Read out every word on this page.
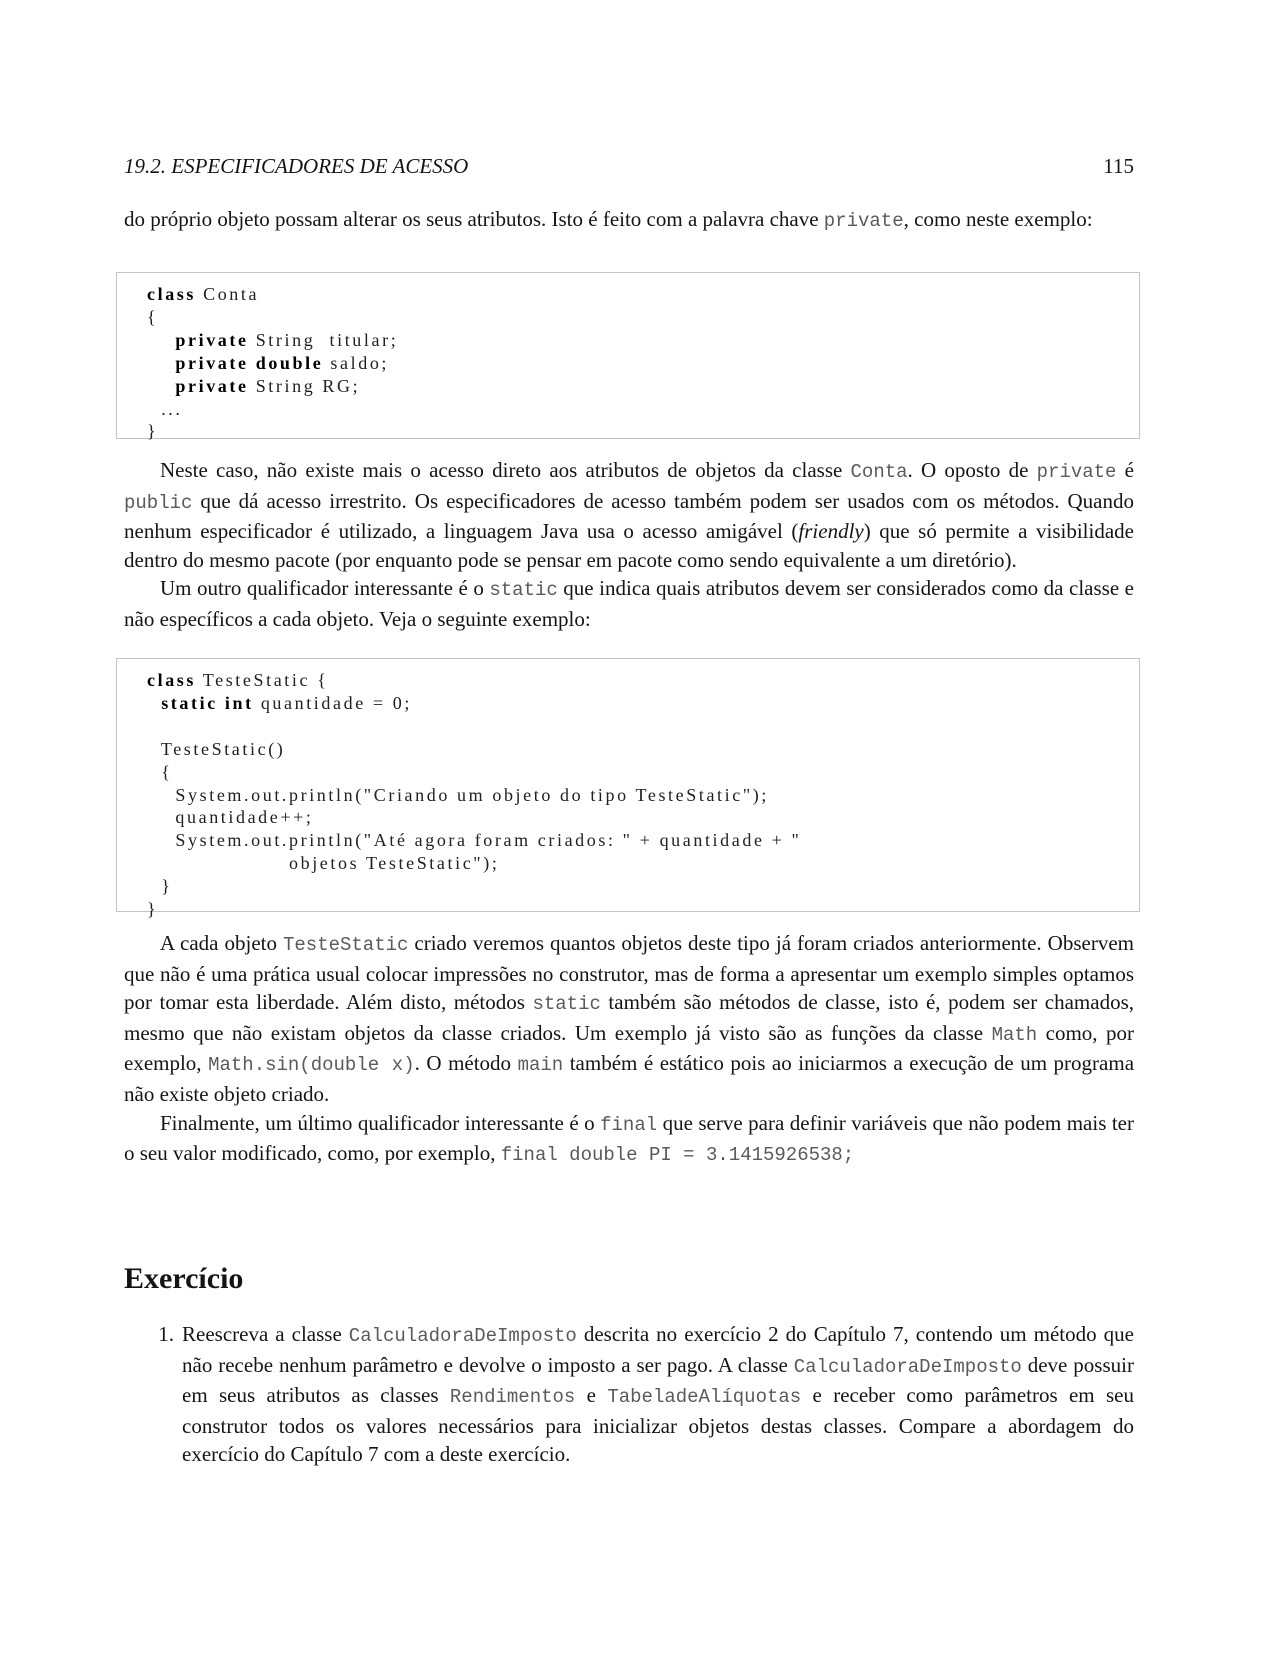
19.2. ESPECIFICADORES DE ACESSO	115

do próprio objeto possam alterar os seus atributos. Isto é feito com a palavra chave private, como neste exemplo:

class Conta
{
private String  titular;
private double saldo;
private String RG;
...
}

Neste caso, não existe mais o acesso direto aos atributos de objetos da classe Conta. O oposto de private é public que dá acesso irrestrito. Os especificadores de acesso também podem ser usados com os métodos. Quando nenhum especificador é utilizado, a linguagem Java usa o acesso amigável (friendly) que só permite a visibilidade dentro do mesmo pacote (por enquanto pode se pensar em pacote como sendo equivalente a um diretório).

Um outro qualificador interessante é o static que indica quais atributos devem ser considerados como da classe e não específicos a cada objeto. Veja o seguinte exemplo:

class TesteStatic {
static int quantidade = 0;

TesteStatic()
{
System.out.println("Criando um objeto do tipo TesteStatic");
quantidade++;
System.out.println("Até agora foram criados: " + quantidade + "
objetos TesteStatic");
}
}

A cada objeto TesteStatic criado veremos quantos objetos deste tipo já foram criados anteriormente. Observem que não é uma prática usual colocar impressões no construtor, mas de forma a apresentar um exemplo simples optamos por tomar esta liberdade. Além disto, métodos static também são métodos de classe, isto é, podem ser chamados, mesmo que não existam objetos da classe criados. Um exemplo já visto são as funções da classe Math como, por exemplo, Math.sin(double x). O método main também é estático pois ao iniciarmos a execução de um programa não existe objeto criado.

Finalmente, um último qualificador interessante é o final que serve para definir variáveis que não podem mais ter o seu valor modificado, como, por exemplo, final double PI = 3.1415926538;

Exercício
1. Reescreva a classe CalculadoraDeImposto descrita no exercício 2 do Capítulo 7, contendo um método que não recebe nenhum parâmetro e devolve o imposto a ser pago. A classe CalculadoraDeImposto deve possuir em seus atributos as classes Rendimentos e TabeladeAlíquotas e receber como parâmetros em seu construtor todos os valores necessários para inicializar objetos destas classes. Compare a abordagem do exercício do Capítulo 7 com a deste exercício.
